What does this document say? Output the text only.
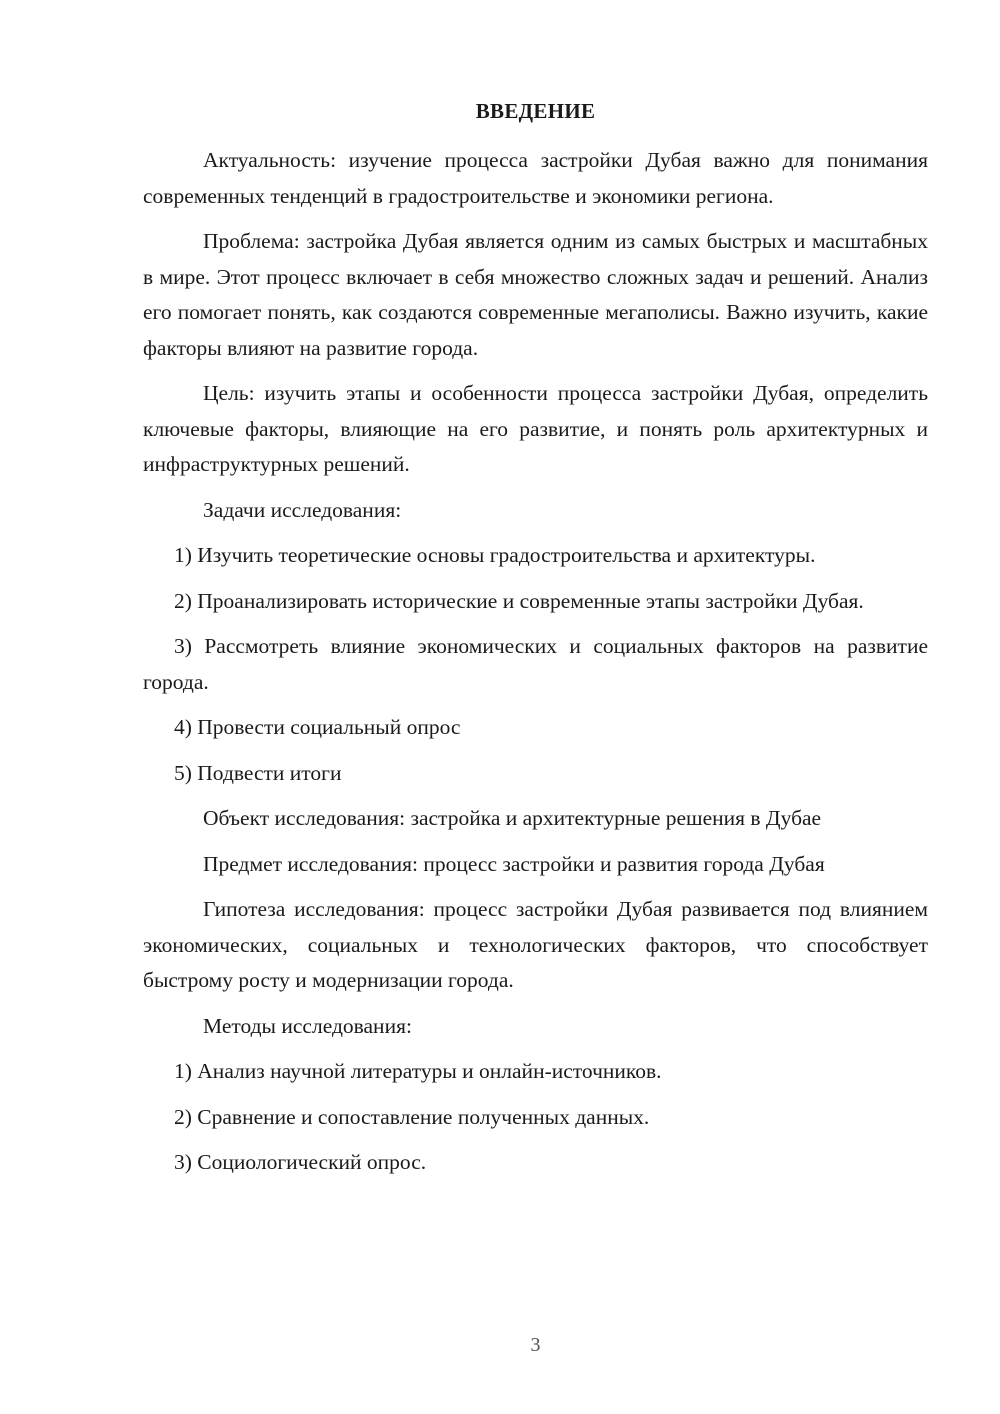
ВВЕДЕНИЕ

Актуальность: изучение процесса застройки Дубая важно для понимания современных тенденций в градостроительстве и экономики региона.

Проблема: застройка Дубая является одним из самых быстрых и масштабных в мире. Этот процесс включает в себя множество сложных задач и решений. Анализ его помогает понять, как создаются современные мегаполисы. Важно изучить, какие факторы влияют на развитие города.

Цель: изучить этапы и особенности процесса застройки Дубая, определить ключевые факторы, влияющие на его развитие, и понять роль архитектурных и инфраструктурных решений.

Задачи исследования:

1) Изучить теоретические основы градостроительства и архитектуры.

2) Проанализировать исторические и современные этапы застройки Дубая.

3) Рассмотреть влияние экономических и социальных факторов на развитие города.

4) Провести социальный опрос

5) Подвести итоги

Объект исследования: застройка и архитектурные решения в Дубае

Предмет исследования: процесс застройки и развития города Дубая

Гипотеза исследования: процесс застройки Дубая развивается под влиянием экономических, социальных и технологических факторов, что способствует быстрому росту и модернизации города.

Методы исследования:

1) Анализ научной литературы и онлайн-источников.

2) Сравнение и сопоставление полученных данных.

3) Социологический опрос.

3
